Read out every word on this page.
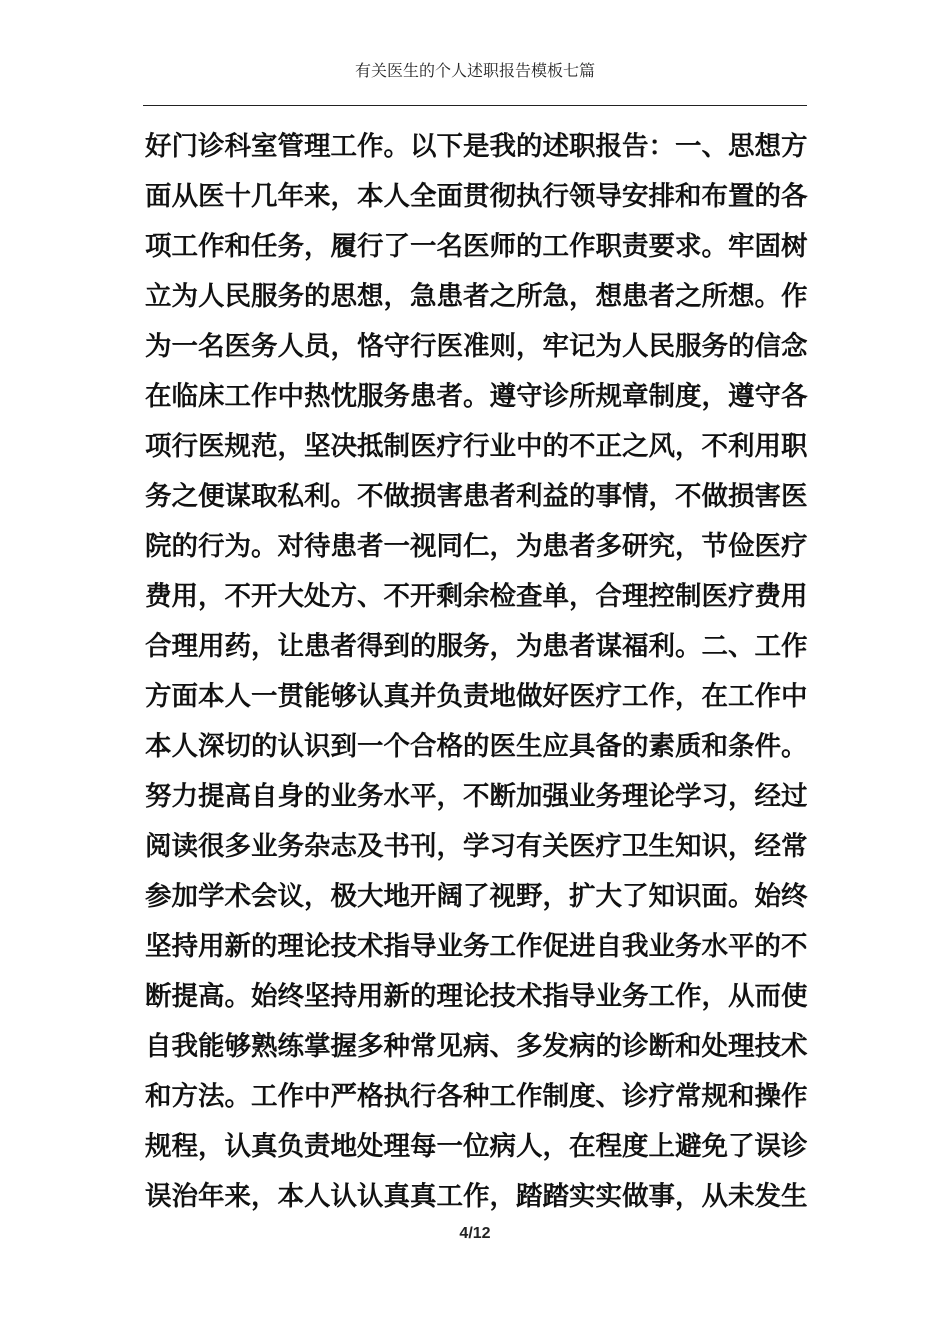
有关医生的个人述职报告模板七篇
好门诊科室管理工作。以下是我的述职报告：一、思想方
面从医十几年来，本人全面贯彻执行领导安排和布置的各
项工作和任务，履行了一名医师的工作职责要求。牢固树
立为人民服务的思想，急患者之所急，想患者之所想。作
为一名医务人员，恪守行医准则，牢记为人民服务的信念
在临床工作中热忱服务患者。遵守诊所规章制度，遵守各
项行医规范，坚决抵制医疗行业中的不正之风，不利用职
务之便谋取私利。不做损害患者利益的事情，不做损害医
院的行为。对待患者一视同仁，为患者多研究，节俭医疗
费用，不开大处方、不开剩余检查单，合理控制医疗费用
合理用药，让患者得到的服务，为患者谋福利。二、工作
方面本人一贯能够认真并负责地做好医疗工作，在工作中
本人深切的认识到一个合格的医生应具备的素质和条件。
努力提高自身的业务水平，不断加强业务理论学习，经过
阅读很多业务杂志及书刊，学习有关医疗卫生知识，经常
参加学术会议，极大地开阔了视野，扩大了知识面。始终
坚持用新的理论技术指导业务工作促进自我业务水平的不
断提高。始终坚持用新的理论技术指导业务工作，从而使
自我能够熟练掌握多种常见病、多发病的诊断和处理技术
和方法。工作中严格执行各种工作制度、诊疗常规和操作
规程，认真负责地处理每一位病人，在程度上避免了误诊
误治年来，本人认认真真工作，踏踏实实做事，从未发生
4/12
